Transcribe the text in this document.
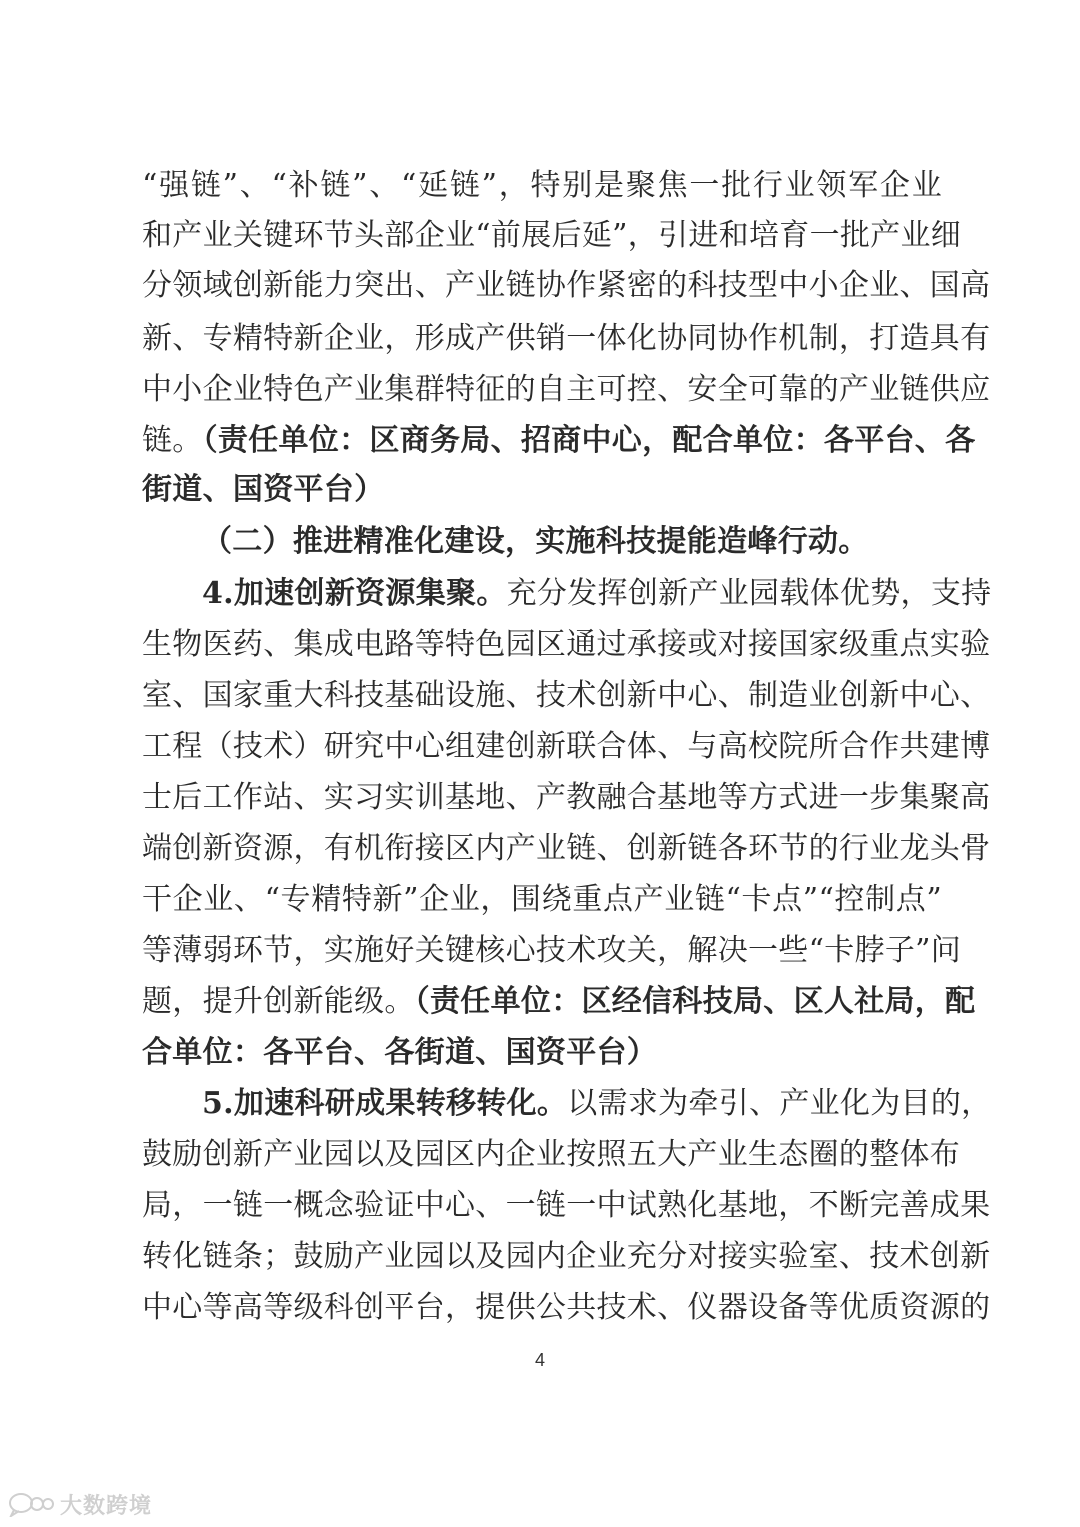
“强链”、“补链”、“延链”，特别是聚焦一批行业领军企业
和产业关键环节头部企业“前展后延”，引进和培育一批产业细
分领域创新能力突出、产业链协作紧密的科技型中小企业、国高
新、专精特新企业，形成产供销一体化协同协作机制，打造具有
中小企业特色产业集群特征的自主可控、安全可靠的产业链供应
链。（责任单位：区商务局、招商中心，配合单位：各平台、各
街道、国资平台）
（二）推进精准化建设，实施科技提能造峰行动。
4.加速创新资源集聚。充分发挥创新产业园载体优势，支持
生物医药、集成电路等特色园区通过承接或对接国家级重点实验
室、国家重大科技基础设施、技术创新中心、制造业创新中心、
工程（技术）研究中心组建创新联合体、与高校院所合作共建博
士后工作站、实习实训基地、产教融合基地等方式进一步集聚高
端创新资源，有机衔接区内产业链、创新链各环节的行业龙头骨
干企业、“专精特新”企业，围绕重点产业链“卡点”“控制点”
等薄弱环节，实施好关键核心技术攻关，解决一些“卡脖子”问
题，提升创新能级。（责任单位：区经信科技局、区人社局，配
合单位：各平台、各街道、国资平台）
5.加速科研成果转移转化。以需求为牵引、产业化为目的，
鼓励创新产业园以及园区内企业按照五大产业生态圈的整体布
局，一链一概念验证中心、一链一中试熟化基地，不断完善成果
转化链条；鼓励产业园以及园内企业充分对接实验室、技术创新
中心等高等级科创平台，提供公共技术、仪器设备等优质资源的
4
大数跨境
